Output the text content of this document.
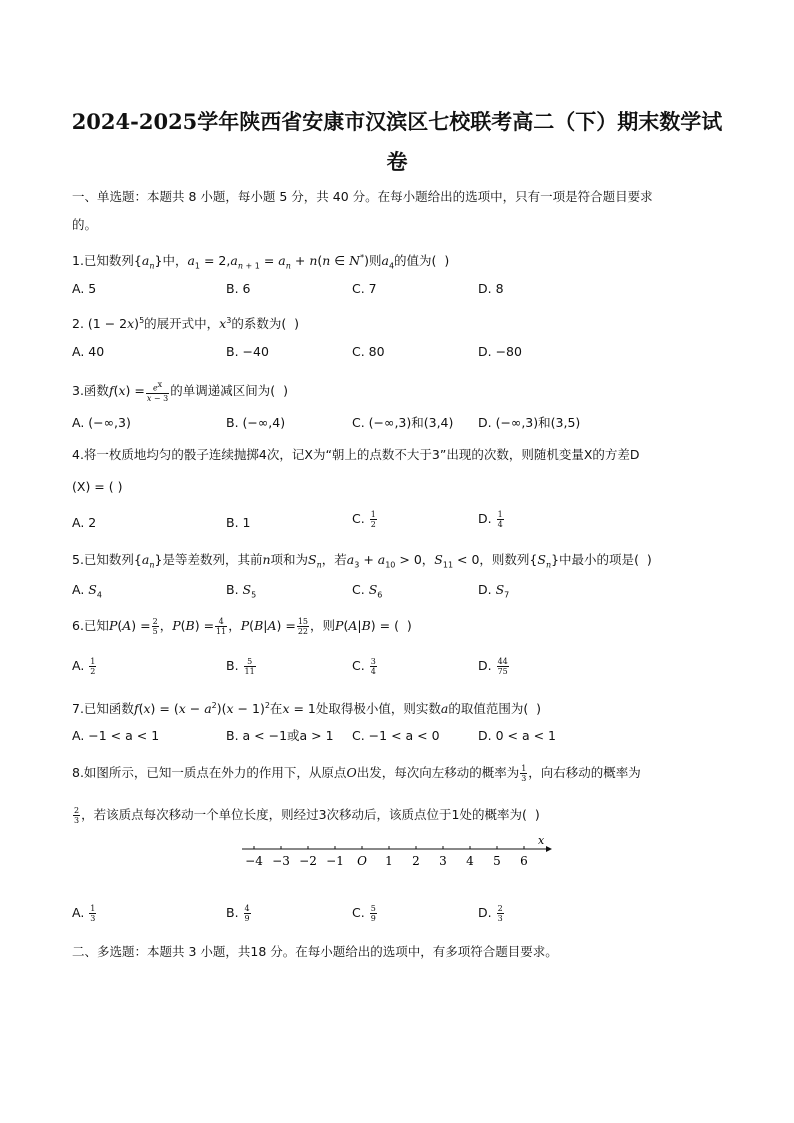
2024-2025学年陕西省安康市汉滨区七校联考高二（下）期末数学试
卷
一、单选题：本题共 8 小题，每小题 5 分，共 40 分。在每小题给出的选项中，只有一项是符合题目要求
的。
1.已知数列$\{a_n\}$中，$a_1 = 2,a_n$ $_{+ 1} = a_n + n(n$ ∈ N*)则$a_4$的值为(  )
A. 5	B. 6	C. 7	D. 8
2. $(1 - 2x)^5$的展开式中，$x^3$的系数为(  )
A. 40	B. −40	C. 80	D. −80
3.函数$f(x) = \frac{e^x}{x - 3}$ 的单调递减区间为(  )
A. (−∞,3)	B. (−∞,4)	C. (−∞,3)和(3,4) D. (−∞,3)和(3,5)
4.将一枚质地均匀的骰子连续抛掷4次，记X为“朝上的点数不大于3”出现的次数，则随机变量X的方差D
(X) = ( )
A. 2	B. 1	C. $\frac{1}{2}$	D. $\frac{1}{4}$
5.已知数列$\{a_n\}$是等差数列，其前n项和为$S_n$，若$a_3 + a_{10} > 0$，$S_{11} < 0$，则数列$\{S_n\}$中最小的项是(  )
A. $S_4$	B. $S_5$	C. $S_6$	D. $S_7$
6.已知$P(A) = \frac{2}{5}$ ，$P(B) = \frac{4}{11}$ ，$P(B|A) = \frac{15}{22}$ ，则P(A|B) = (  )
A. $\frac{1}{2}$	B. $\frac{5}{11}$	C. $\frac{3}{4}$	D. $\frac{44}{75}$
7.已知函数$f(x) = (x - a^2)(x - 1)^2$在x = 1处取得极小值，则实数a的取值范围为(  )
A. −1 < a < 1	B. a < −1或a > 1 C. −1 < a < 0	D. 0 < a < 1
8.如图所示，已知一质点在外力的作用下，从原点O出发，每次向左移动的概率为 $\frac{1}{3}$ ，向右移动的概率为
$\frac{2}{3}$ ，若该质点每次移动一个单位长度，则经过3次移动后，该质点位于1处的概率为(  )
x
−4 −3 −2 −1 O 1 2 3 4 5 6
A. $\frac{1}{3}$	B. $\frac{4}{9}$	C. $\frac{5}{9}$	D. $\frac{2}{3}$
二、多选题：本题共 3 小题，共18 分。在每小题给出的选项中，有多项符合题目要求。
